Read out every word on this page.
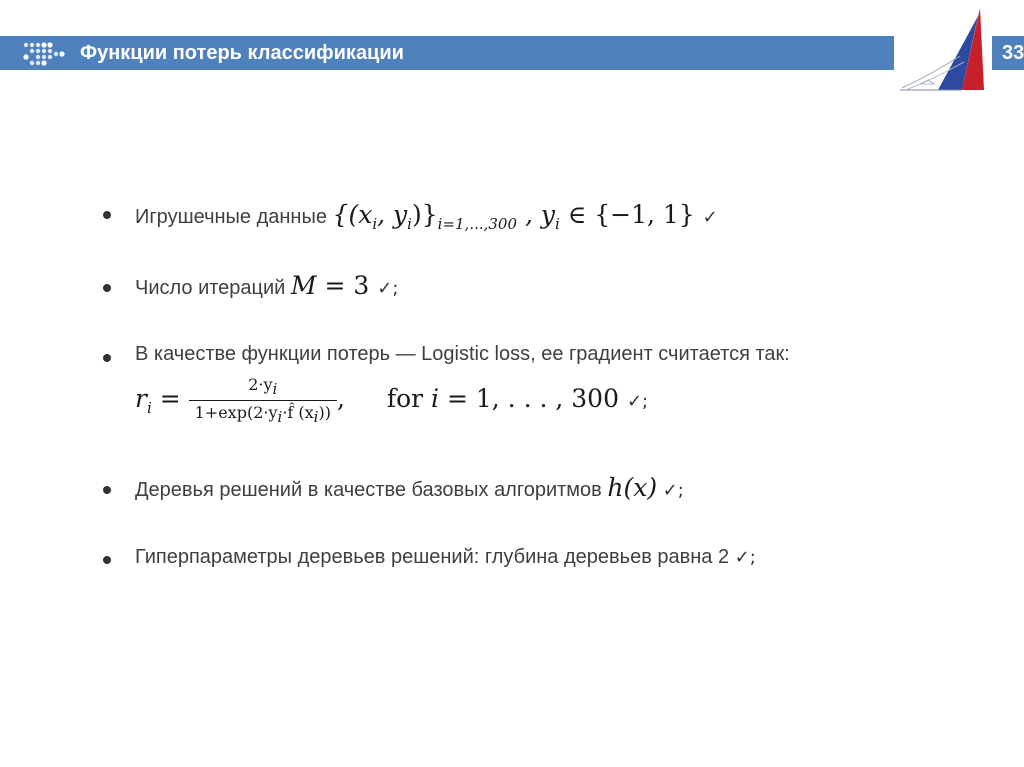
Функции потерь классификации	33
Игрушечные данные {($x_i$, $y_i)\}_{i=1,...,300}$ , $y_i$ ∈ {−1, 1} ✓
Число итераций M = 3 ✓;
В качестве функции потерь — Logistic loss, ее градиент считается так:
$r_i = \frac{2\cdot y_i}{1+\exp(2\cdot y_i\cdot f̂ (x_i))}$ , for i = 1, . . . , 300 ✓;
Деревья решений в качестве базовых алгоритмов h(x) ✓;
Гиперпараметры деревьев решений: глубина деревьев равна 2 ✓;
